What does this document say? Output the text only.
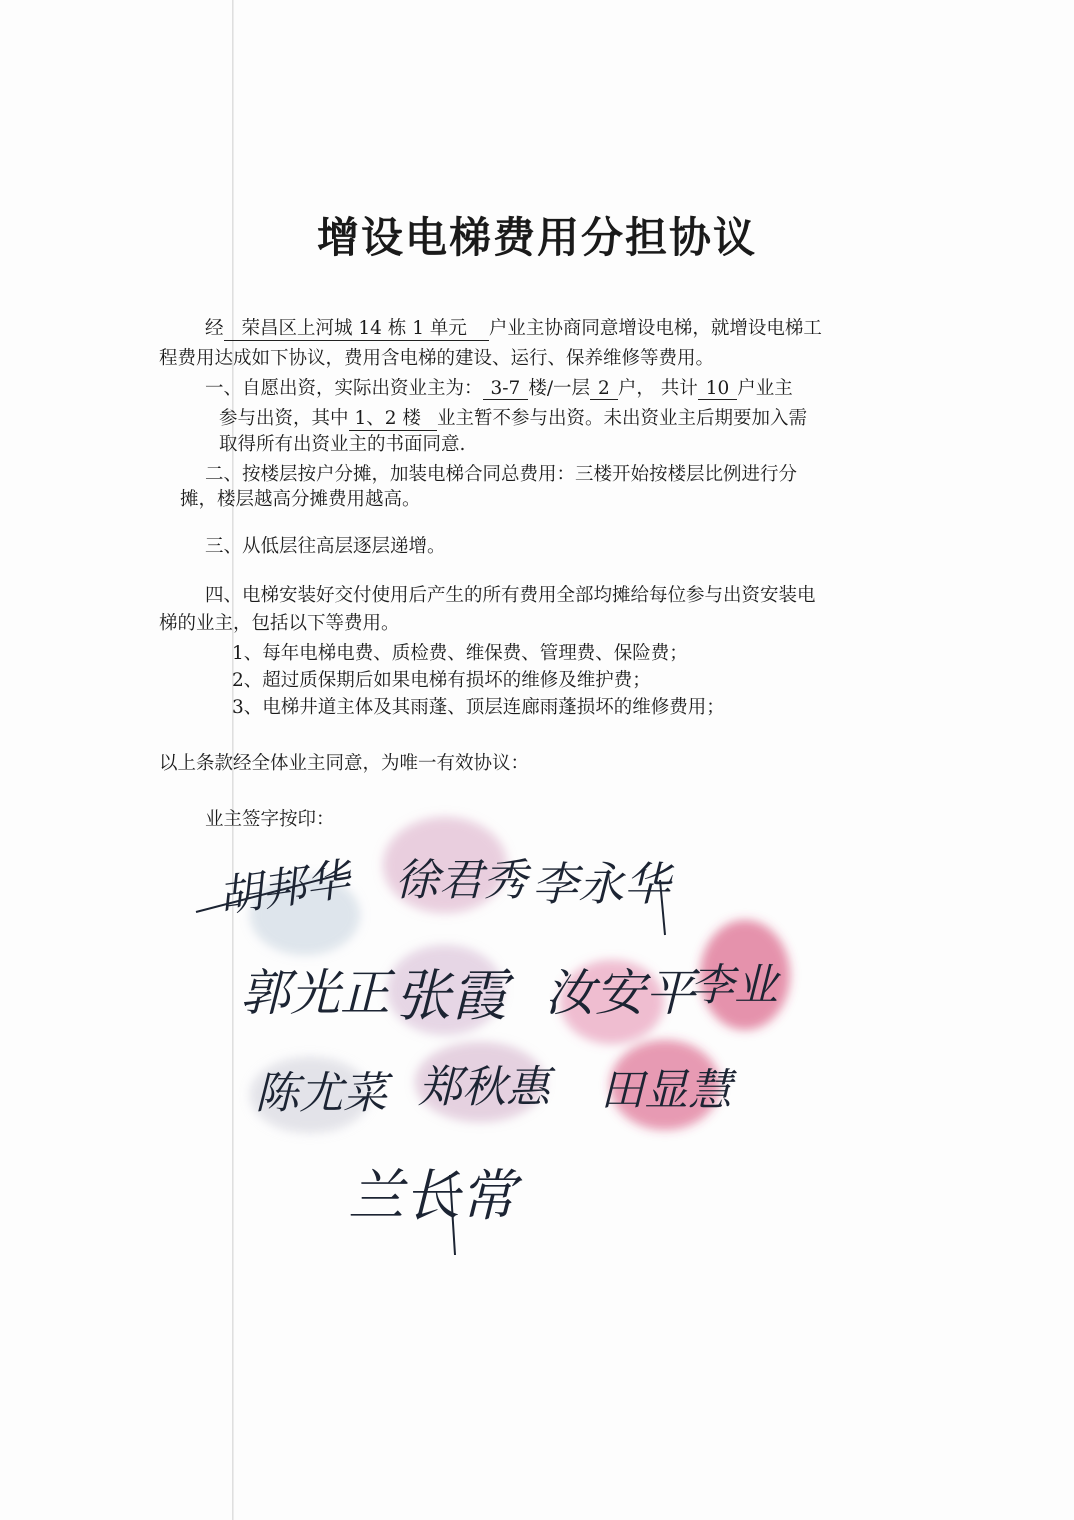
增设电梯费用分担协议
经 荣昌区上河城 14 栋 1 单元 户业主协商同意增设电梯，就增设电梯工
程费用达成如下协议，费用含电梯的建设、运行、保养维修等费用。
一、自愿出资，实际出资业主为： 3-7 楼/一层 2 户， 共计 10 户业主
参与出资，其中 1、2 楼 业主暂不参与出资。未出资业主后期要加入需
取得所有出资业主的书面同意.
二、按楼层按户分摊，加装电梯合同总费用：三楼开始按楼层比例进行分
摊，楼层越高分摊费用越高。
三、从低层往高层逐层递增。
四、电梯安装好交付使用后产生的所有费用全部均摊给每位参与出资安装电
梯的业主，包括以下等费用。
1、每年电梯电费、质检费、维保费、管理费、保险费；
2、超过质保期后如果电梯有损坏的维修及维护费；
3、电梯井道主体及其雨蓬、顶层连廊雨蓬损坏的维修费用；
以上条款经全体业主同意，为唯一有效协议：
业主签字按印：
胡邦华 徐君秀 李永华
郭光正 张霞 汝安平
李业
陈尤菜 郑秋惠 田显慧
兰长常
